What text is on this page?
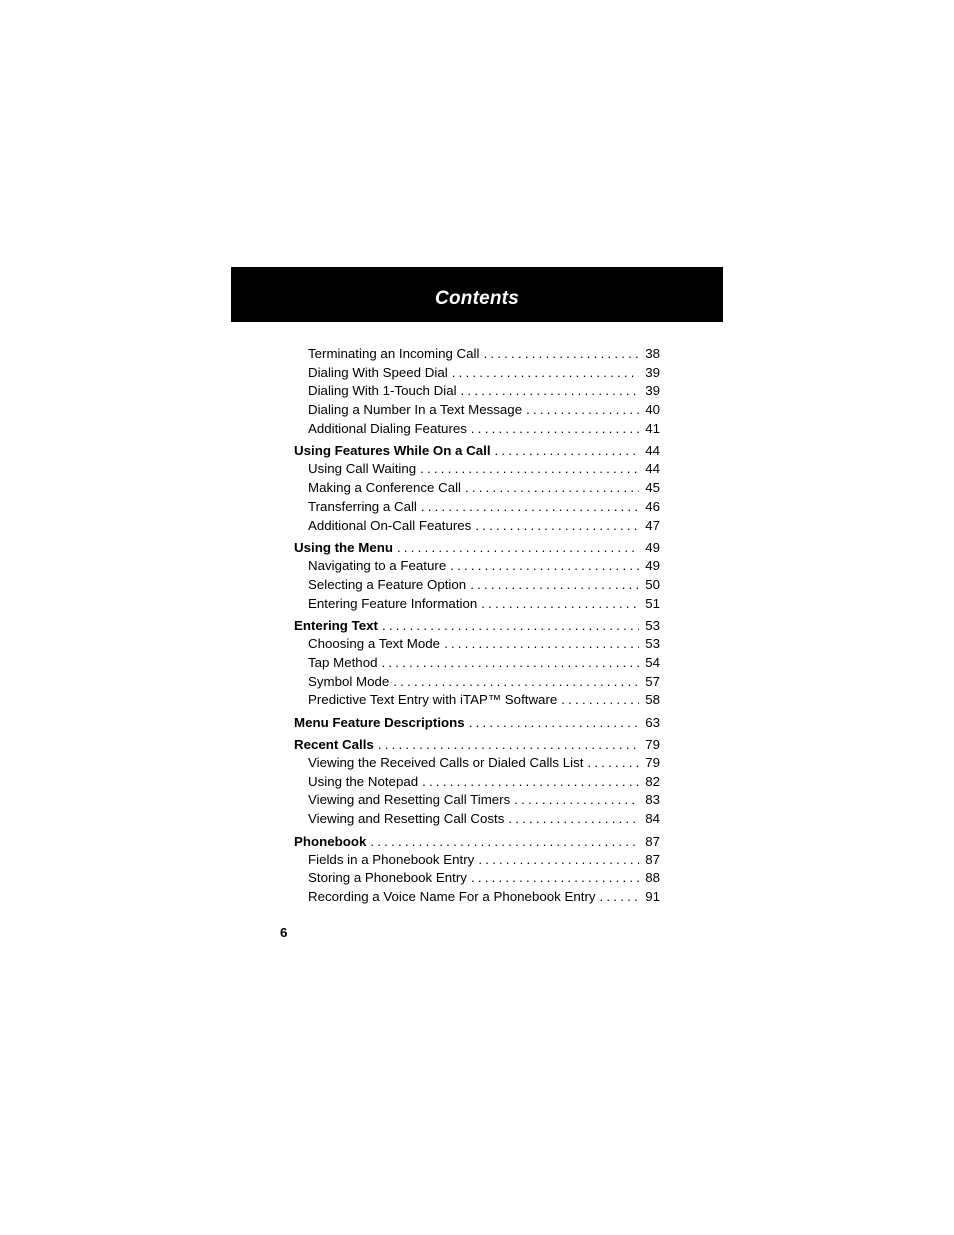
Contents
Terminating an Incoming Call . . .	38
Dialing With Speed Dial . . .	39
Dialing With 1-Touch Dial . . .	39
Dialing a Number In a Text Message . . .	40
Additional Dialing Features . . .	41
Using Features While On a Call . . .	44
Using Call Waiting . . .	44
Making a Conference Call . . .	45
Transferring a Call . . .	46
Additional On-Call Features . . .	47
Using the Menu . . .	49
Navigating to a Feature . . .	49
Selecting a Feature Option . . .	50
Entering Feature Information . . .	51
Entering Text . . .	53
Choosing a Text Mode . . .	53
Tap Method . . .	54
Symbol Mode . . .	57
Predictive Text Entry with iTAP™ Software . . .	58
Menu Feature Descriptions . . .	63
Recent Calls . . .	79
Viewing the Received Calls or Dialed Calls List . . .	79
Using the Notepad . . .	82
Viewing and Resetting Call Timers . . .	83
Viewing and Resetting Call Costs . . .	84
Phonebook . . .	87
Fields in a Phonebook Entry . . .	87
Storing a Phonebook Entry . . .	88
Recording a Voice Name For a Phonebook Entry . . .	91
6
